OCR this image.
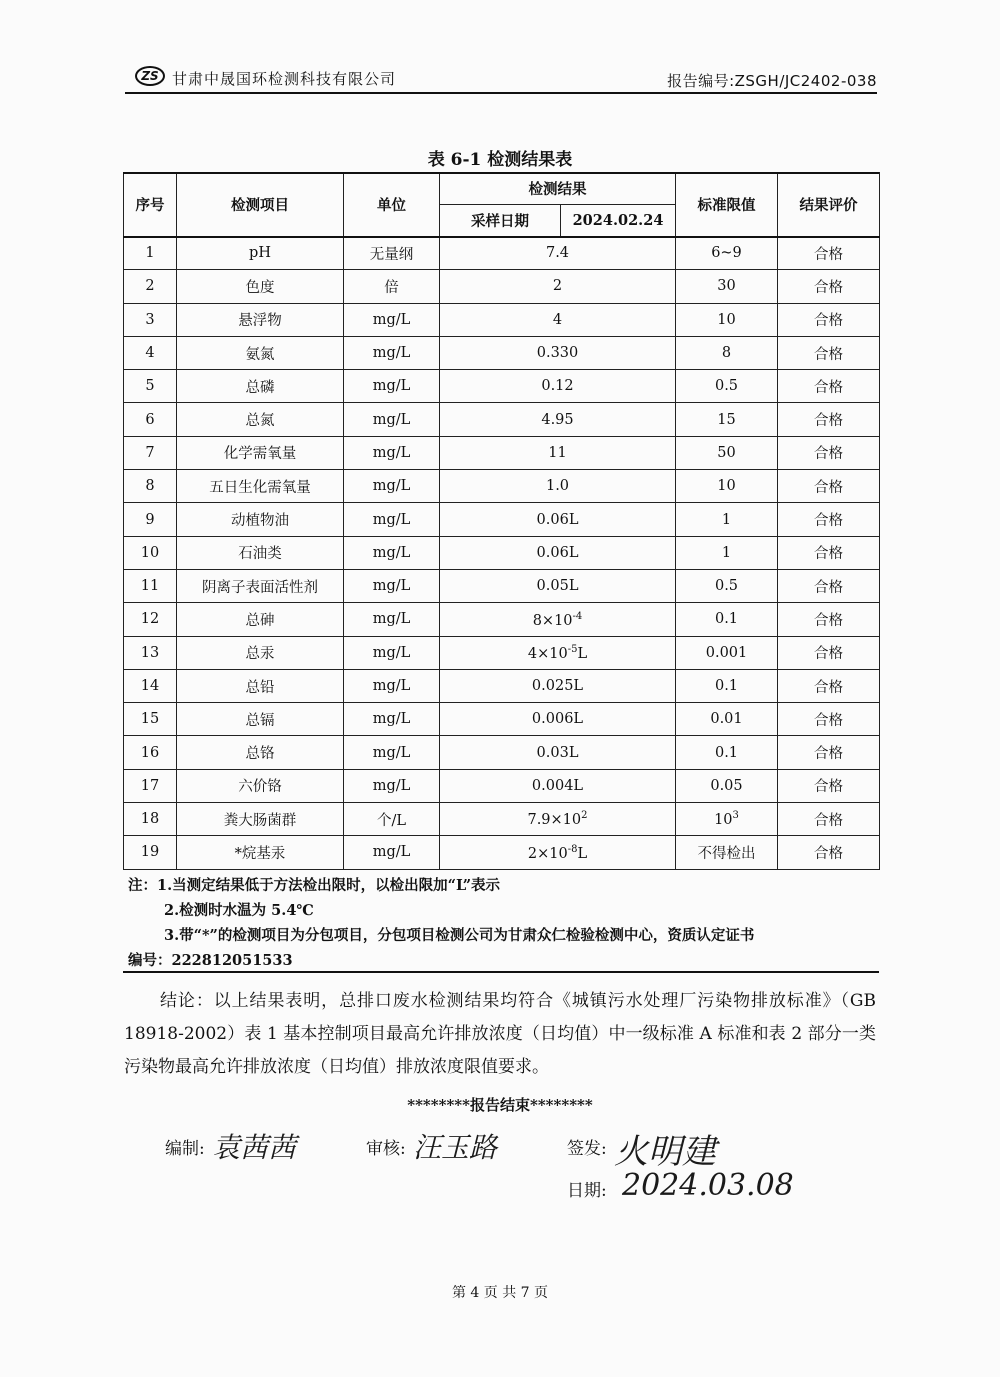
ZS 甘肃中晟国环检测科技有限公司	报告编号:ZSGH/JC2402-038
表 6-1 检测结果表
序号	检测项目	单位	检测结果		标准限值	结果评价
			采样日期	2024.02.24		
1	pH	无量纲	7.4		6~9	合格
2	色度	倍	2		30	合格
3	悬浮物	mg/L	4		10	合格
4	氨氮	mg/L	0.330		8	合格
5	总磷	mg/L	0.12		0.5	合格
6	总氮	mg/L	4.95		15	合格
7	化学需氧量	mg/L	11		50	合格
8	五日生化需氧量	mg/L	1.0		10	合格
9	动植物油	mg/L	0.06L		1	合格
10	石油类	mg/L	0.06L		1	合格
11	阴离子表面活性剂	mg/L	0.05L		0.5	合格
12	总砷	mg/L	$8\times 10^{-4}$		0.1	合格
13	总汞	mg/L	$4\times 10^{-5}L$		0.001	合格
14	总铅	mg/L	0.025L		0.1	合格
15	总镉	mg/L	0.006L		0.01	合格
16	总铬	mg/L	0.03L		0.1	合格
17	六价铬	mg/L	0.004L		0.05	合格
18	粪大肠菌群	个/L	$7.9\times 10^2$		$10^3$	合格
19	*烷基汞	mg/L	$2\times 10^{-8}L$		不得检出	合格
注：1.当测定结果低于方法检出限时，以检出限加“L”表示
2.检测时水温为 5.4℃
3.带“*”的检测项目为分包项目，分包项目检测公司为甘肃众仁检验检测中心，资质认定证书
编号：222812051533
结论：以上结果表明，总排口废水检测结果均符合《城镇污水处理厂污染物排放标准》（GB 18918-2002）表 1 基本控制项目最高允许排放浓度（日均值）中一级标准 A 标准和表 2 部分一类污染物最高允许排放浓度（日均值）排放浓度限值要求。
********报告结束********
编制: 袁茜茜	审核: 汪玉路	签发: 火明建
日期: 2024.03.08
第 4 页 共 7 页
